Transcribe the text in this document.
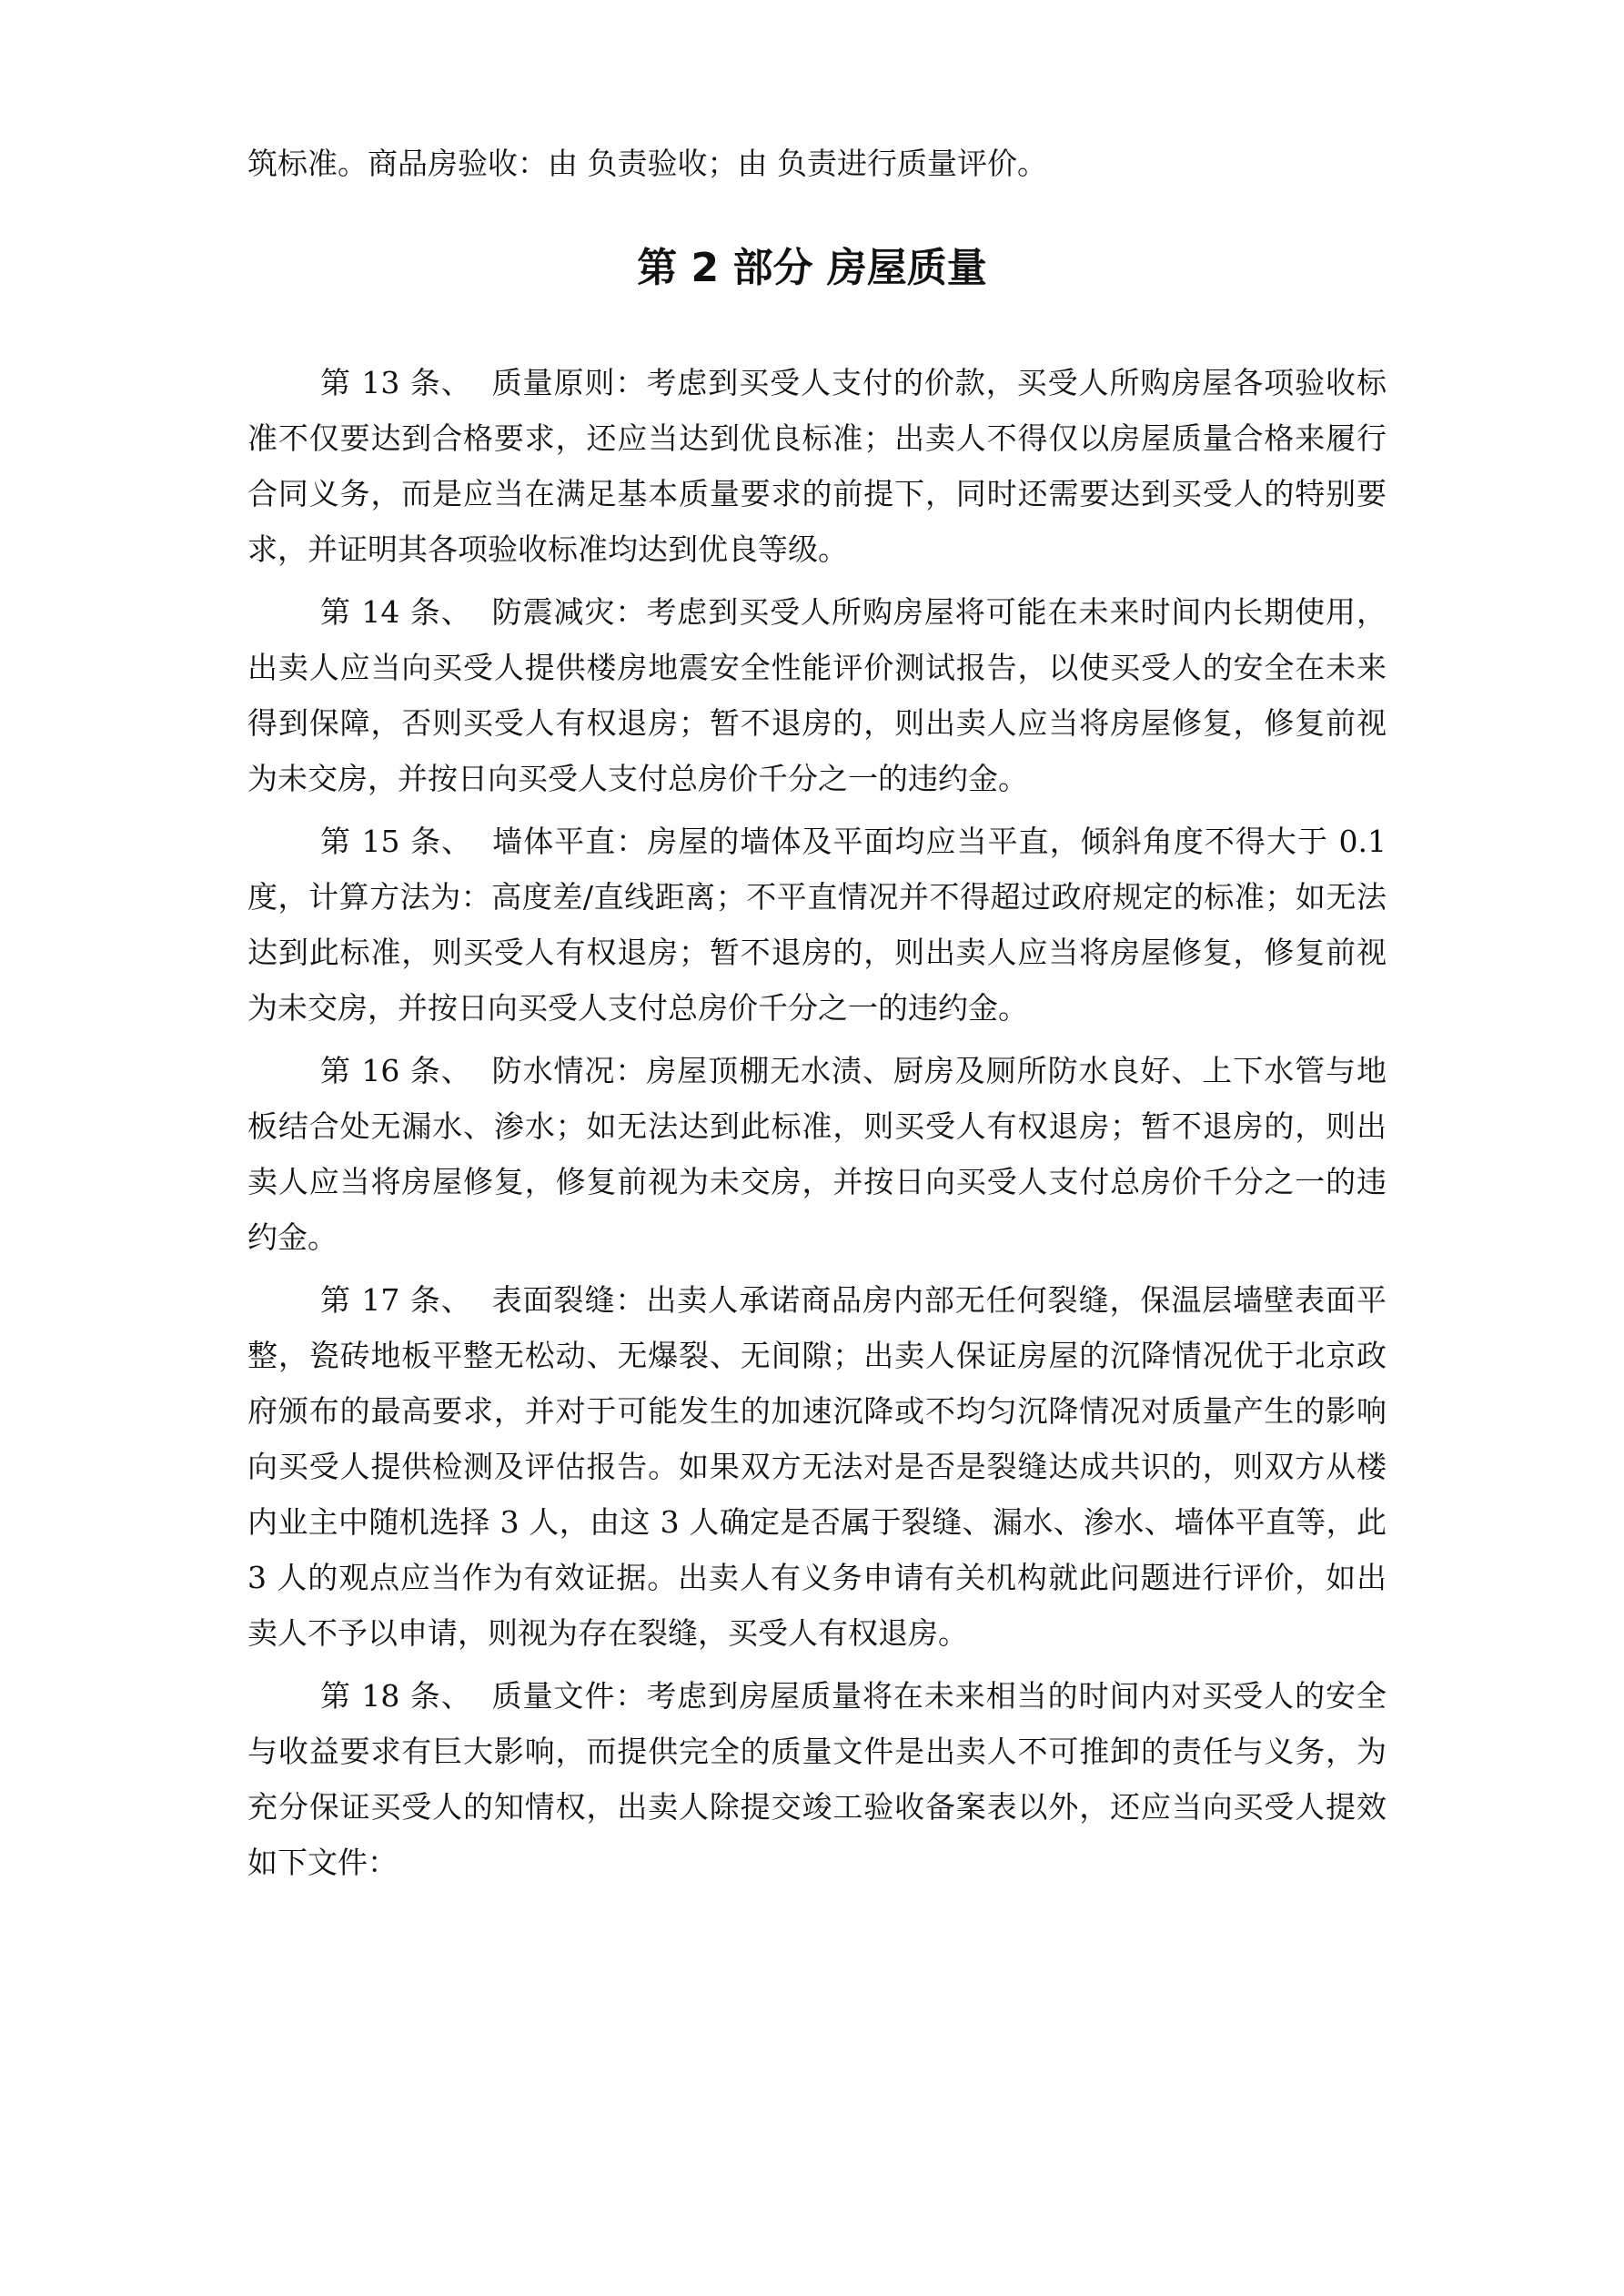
筑标准。商品房验收：由 负责验收；由 负责进行质量评价。

第 2 部分 房屋质量

第 13 条、 质量原则：考虑到买受人支付的价款，买受人所购房屋各项验收标准不仅要达到合格要求，还应当达到优良标准；出卖人不得仅以房屋质量合格来履行合同义务，而是应当在满足基本质量要求的前提下，同时还需要达到买受人的特别要求，并证明其各项验收标准均达到优良等级。

第 14 条、 防震减灾：考虑到买受人所购房屋将可能在未来时间内长期使用，出卖人应当向买受人提供楼房地震安全性能评价测试报告，以使买受人的安全在未来得到保障，否则买受人有权退房；暂不退房的，则出卖人应当将房屋修复，修复前视为未交房，并按日向买受人支付总房价千分之一的违约金。

第 15 条、 墙体平直：房屋的墙体及平面均应当平直，倾斜角度不得大于 0.1 度，计算方法为：高度差/直线距离；不平直情况并不得超过政府规定的标准；如无法达到此标准，则买受人有权退房；暂不退房的，则出卖人应当将房屋修复，修复前视为未交房，并按日向买受人支付总房价千分之一的违约金。

第 16 条、 防水情况：房屋顶棚无水渍、厨房及厕所防水良好、上下水管与地板结合处无漏水、渗水；如无法达到此标准，则买受人有权退房；暂不退房的，则出卖人应当将房屋修复，修复前视为未交房，并按日向买受人支付总房价千分之一的违约金。

第 17 条、 表面裂缝：出卖人承诺商品房内部无任何裂缝，保温层墙壁表面平整，瓷砖地板平整无松动、无爆裂、无间隙；出卖人保证房屋的沉降情况优于北京政府颁布的最高要求，并对于可能发生的加速沉降或不均匀沉降情况对质量产生的影响向买受人提供检测及评估报告。如果双方无法对是否是裂缝达成共识的，则双方从楼内业主中随机选择 3 人，由这 3 人确定是否属于裂缝、漏水、渗水、墙体平直等，此 3 人的观点应当作为有效证据。出卖人有义务申请有关机构就此问题进行评价，如出卖人不予以申请，则视为存在裂缝，买受人有权退房。

第 18 条、 质量文件：考虑到房屋质量将在未来相当的时间内对买受人的安全与收益要求有巨大影响，而提供完全的质量文件是出卖人不可推卸的责任与义务，为充分保证买受人的知情权，出卖人除提交竣工验收备案表以外，还应当向买受人提效如下文件：
